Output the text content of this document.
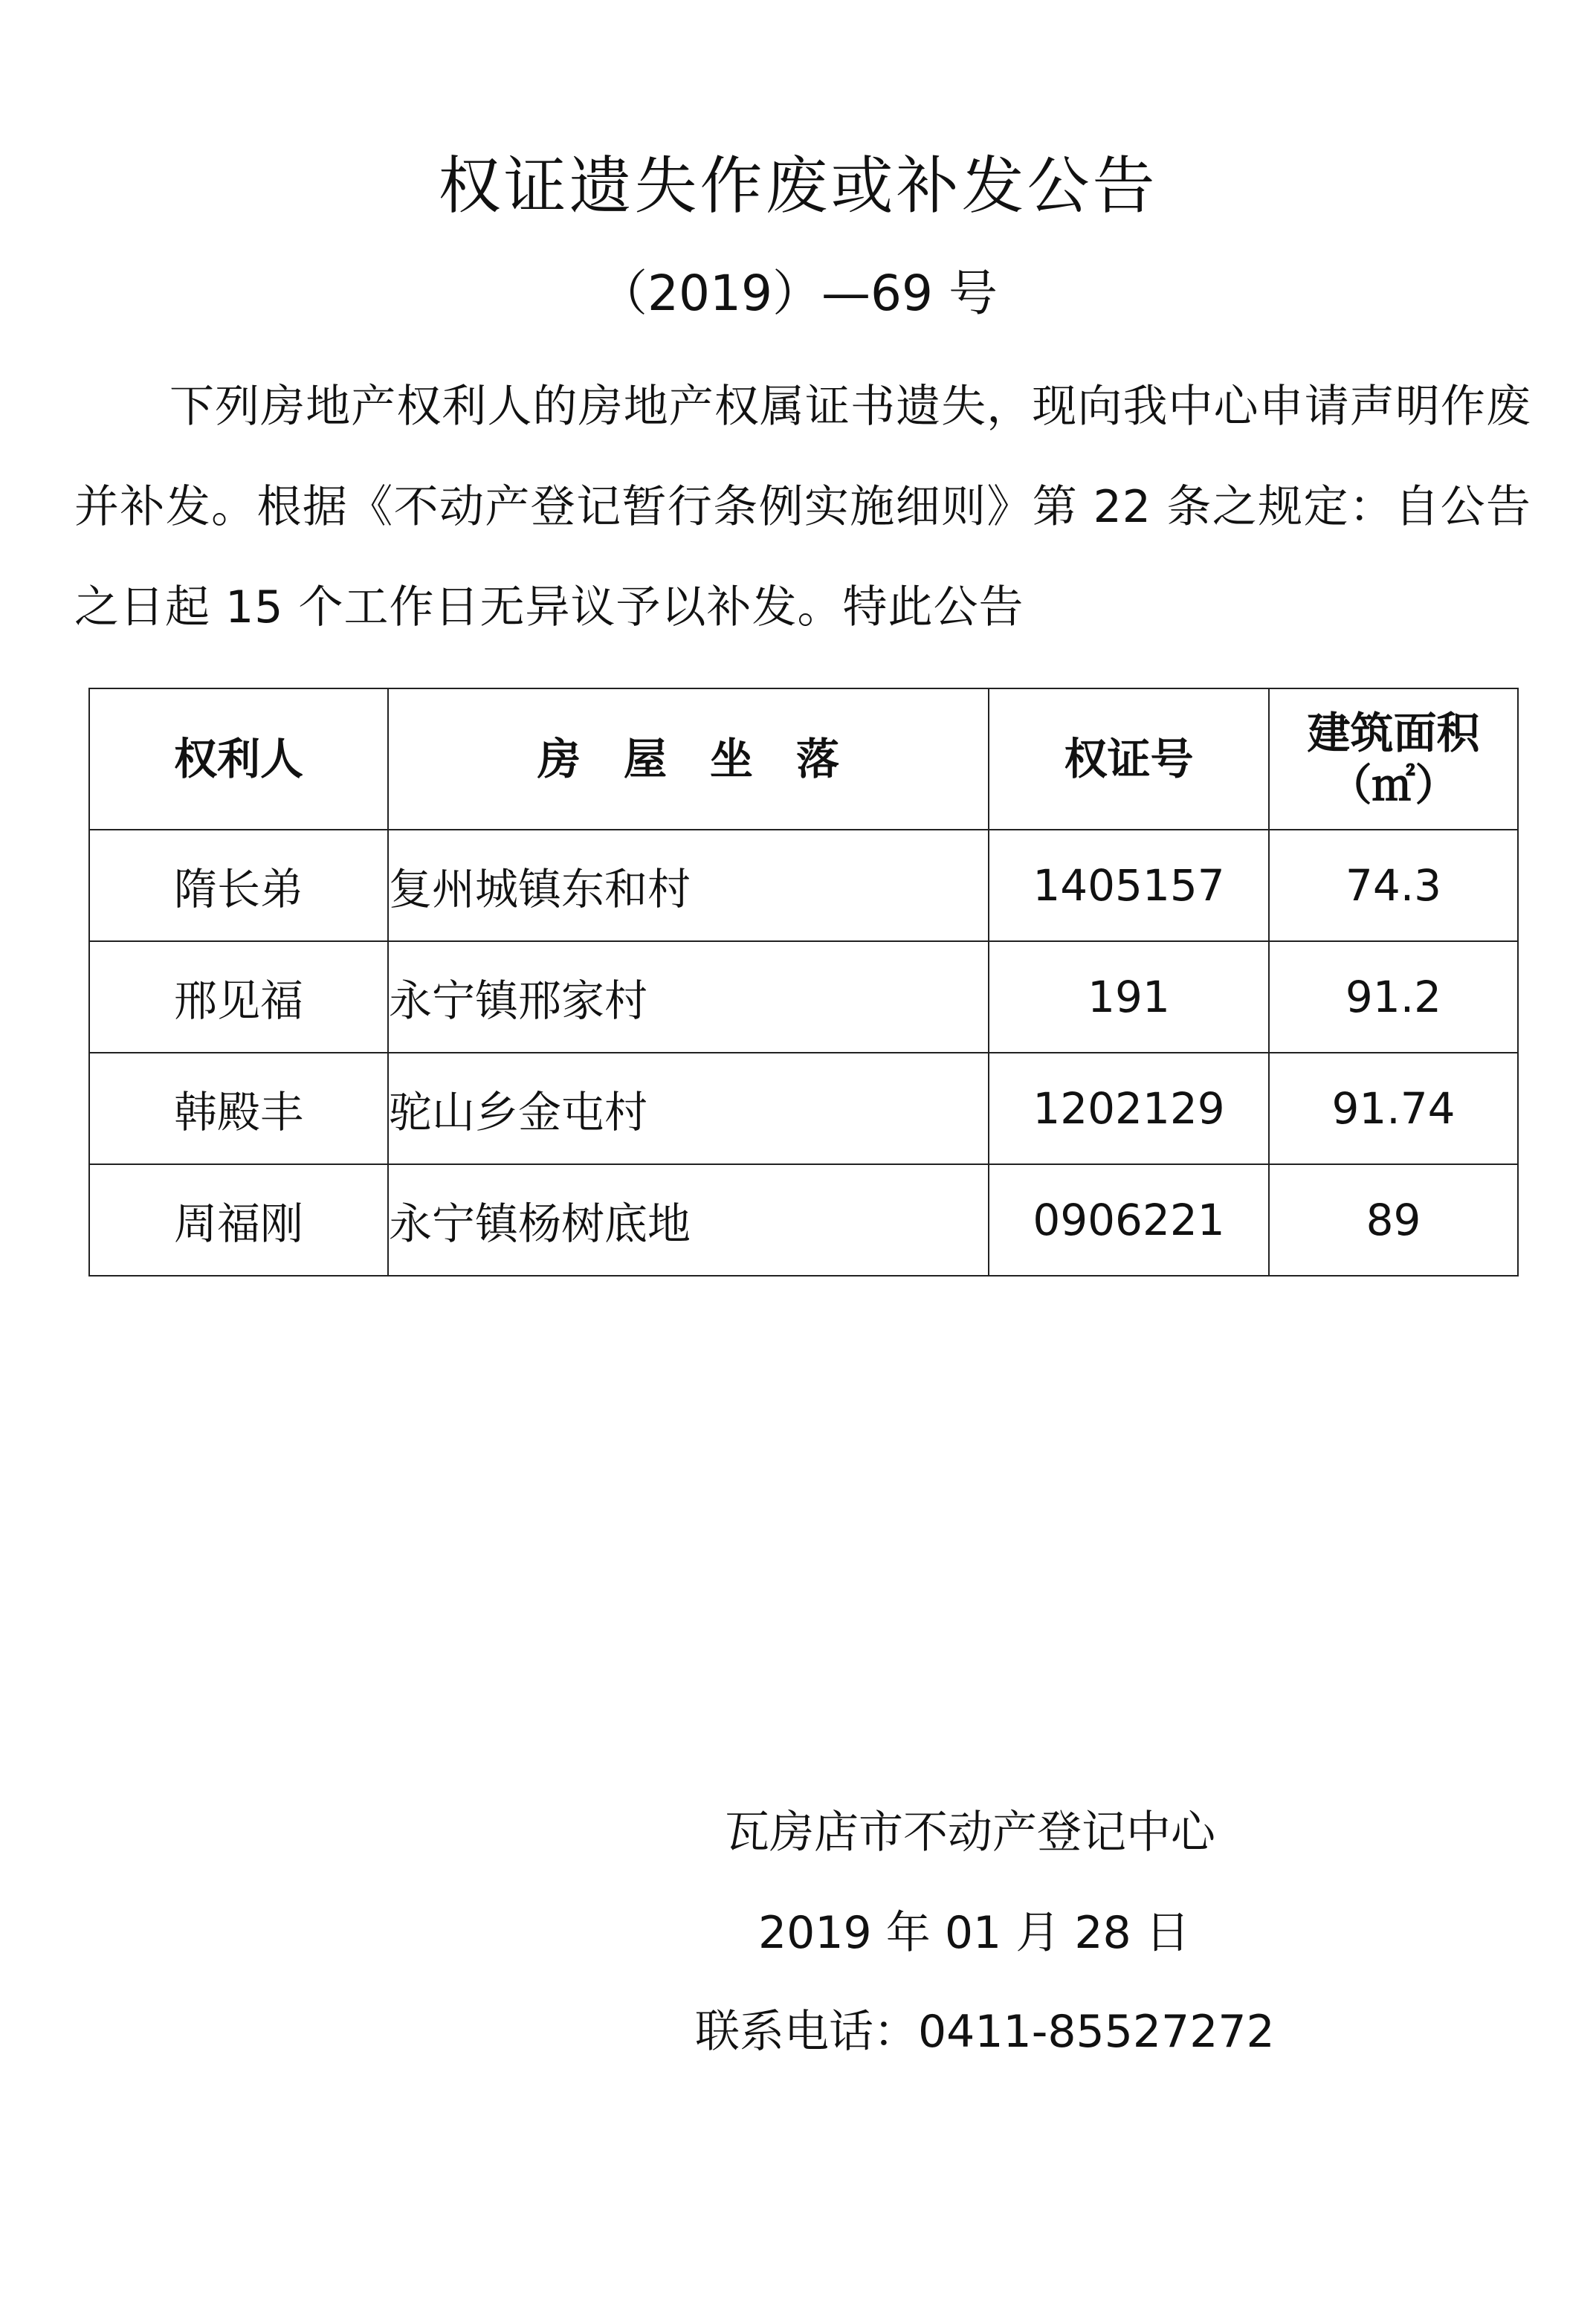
权证遗失作废或补发公告
（2019）—69 号

下列房地产权利人的房地产权属证书遗失，现向我中心申请声明作废并补发。根据《不动产登记暂行条例实施细则》第 22 条之规定：自公告之日起 15 个工作日无异议予以补发。特此公告

权利人	房　屋　坐　落	权证号	建筑面积
（㎡）

隋长弟	复州城镇东和村	1405157	74.3
邢见福	永宁镇邢家村	191	91.2
韩殿丰	驼山乡金屯村	1202129	91.74
周福刚	永宁镇杨树底地	0906221	89
瓦房店市不动产登记中心
2019 年 01 月 28 日
联系电话：0411-85527272
